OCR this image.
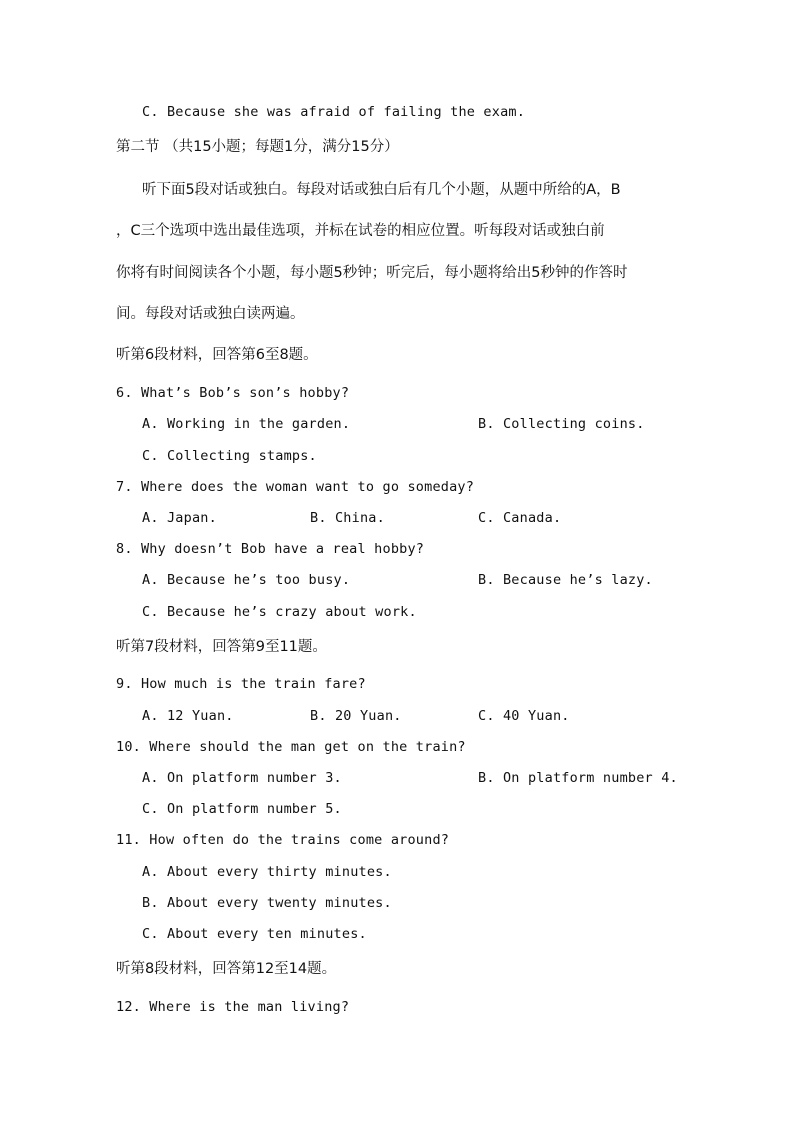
C. Because she was afraid of failing the exam.
第二节 （共15小题；每题1分，满分15分）
听下面5段对话或独白。每段对话或独白后有几个小题，从题中所给的A，B
，C三个选项中选出最佳选项，并标在试卷的相应位置。听每段对话或独白前
你将有时间阅读各个小题，每小题5秒钟；听完后，每小题将给出5秒钟的作答时
间。每段对话或独白读两遍。
听第6段材料，回答第6至8题。
6. What’s Bob’s son’s hobby?
A. Working in the garden.	B. Collecting coins.
C. Collecting stamps.
7. Where does the woman want to go someday?
A. Japan.	B. China.	C. Canada.
8. Why doesn’t Bob have a real hobby?
A. Because he’s too busy.	B. Because he’s lazy.
C. Because he’s crazy about work.
听第7段材料，回答第9至11题。
9. How much is the train fare?
A. 12 Yuan.	B. 20 Yuan.	C. 40 Yuan.
10. Where should the man get on the train?
A. On platform number 3.	B. On platform number 4.
C. On platform number 5.
11. How often do the trains come around?
A. About every thirty minutes.
B. About every twenty minutes.
C. About every ten minutes.
听第8段材料，回答第12至14题。
12. Where is the man living?
